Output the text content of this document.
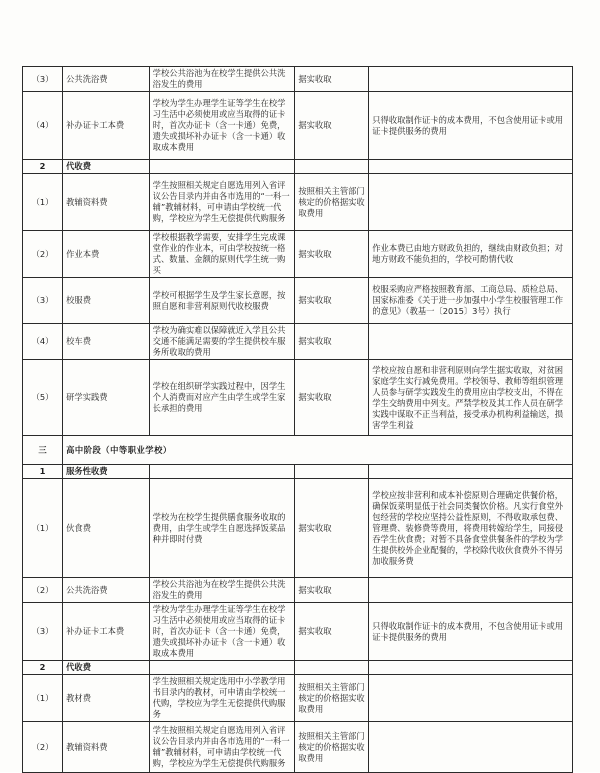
（3）	公共洗浴费	学校公共浴池为在校学生提供公共洗浴发生的费用	据实收取	
（4）	补办证卡工本费	学校为学生办理学生证等学生在校学习生活中必须使用或应当取得的证卡时，首次办证卡（含一卡通）免费，遗失或损坏补办证卡（含一卡通）收取成本费用	据实收取	只得收取制作证卡的成本费用，不包含使用证卡或用证卡提供服务的费用
2	代收费			
（1）	教辅资料费	学生按照相关规定自愿选用列入省评议公告目录内并由各市选用的“一科一辅”教辅材料，可申请由学校统一代购，学校应为学生无偿提供代购服务	按照相关主管部门核定的价格据实收取费用	
（2）	作业本费	学校根据教学需要，安排学生完成课堂作业的作业本，可由学校按统一格式、数量、金额的原则代学生统一购买	据实收取	作业本费已由地方财政负担的，继续由财政负担；对地方财政不能负担的，学校可酌情代收
（3）	校服费	学校可根据学生及学生家长意愿，按照自愿和非营利原则代收校服费	据实收取	校服采购应严格按照教育部、工商总局、质检总局、国家标准委《关于进一步加强中小学生校服管理工作的意见》（教基一〔2015〕3号）执行
（4）	校车费	学校为确实难以保障就近入学且公共交通不能满足需要的学生提供校车服务所收取的费用	据实收取	
（5）	研学实践费	学校在组织研学实践过程中，因学生个人消费而对应产生由学生或学生家长承担的费用	据实收取	学校应按自愿和非营利原则向学生据实收取，对贫困家庭学生实行减免费用。学校领导、教师等组织管理人员参与研学实践发生的费用应由学校支出，不得在学生交纳费用中列支。严禁学校及其工作人员在研学实践中谋取不正当利益，接受承办机构利益输送，损害学生利益
三	高中阶段（中等职业学校）			
1	服务性收费			
（1）	伙食费	学校为在校学生提供膳食服务收取的费用，由学生或学生自愿选择饭菜品种并即时付费	据实收取	学校应按非营利和成本补偿原则合理确定供餐价格，确保饭菜明显低于社会同类餐饮价格。凡实行食堂外包经营的学校应坚持公益性原则，不得收取承包费、管理费、装修费等费用，将费用转嫁给学生，同接侵吞学生伙食费；对暂不具备食堂供餐条件的学校为学生提供校外企业配餐的，学校除代收伙食费外不得另加收服务费
（2）	公共洗浴费	学校公共浴池为在校学生提供公共洗浴发生的费用	据实收取	
（3）	补办证卡工本费	学校为学生办理学生证等学生在校学习生活中必须使用或应当取得的证卡时，首次办证卡（含一卡通）免费，遗失或损坏补办证卡（含一卡通）收取成本费用	据实收取	只得收取制作证卡的成本费用，不包含使用证卡或用证卡提供服务的费用
2	代收费			
（1）	教材费	学生按照相关规定选用中小学教学用书目录内的教材，可申请由学校统一代购，学校应为学生无偿提供代购服务	按照相关主管部门核定的价格据实收取费用	
（2）	教辅资料费	学生按照相关规定自愿选用列入省评议公告目录内并由各市选用的“一科一辅”教辅材料，可申请由学校统一代购，学校应为学生无偿提供代购服务	按照相关主管部门核定的价格据实收取费用	
